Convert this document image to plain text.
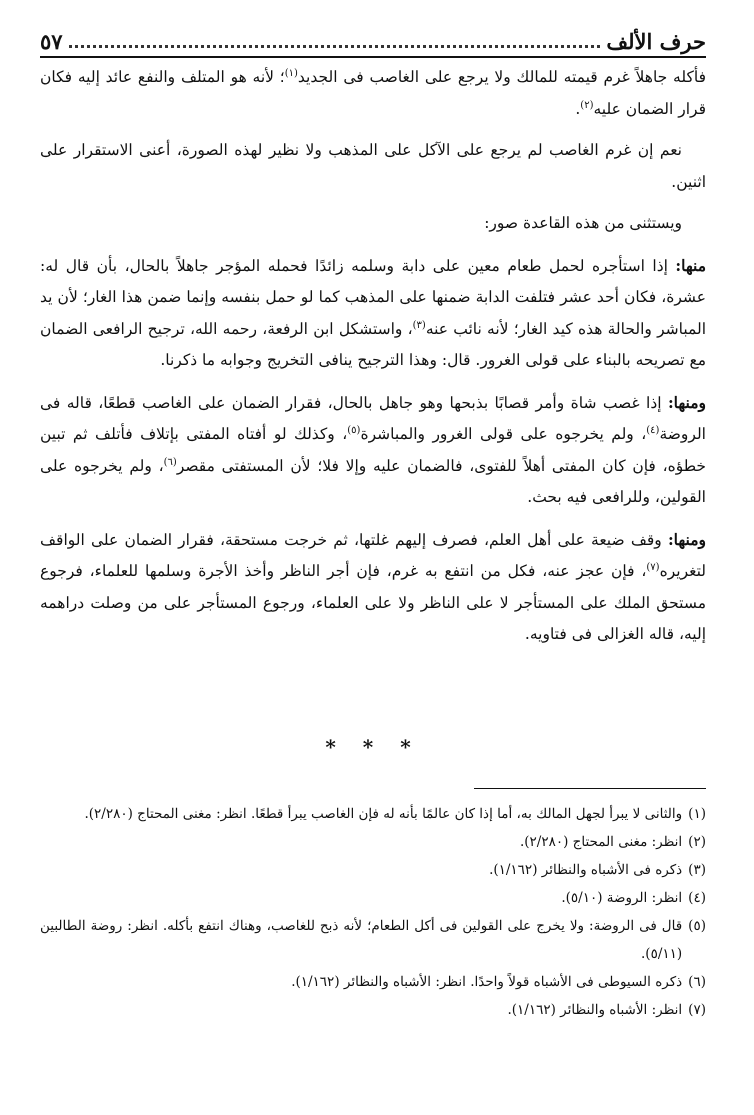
حرف الألف
٥٧

فأكله جاهلاً غرم قيمته للمالك ولا يرجع على الغاصب فى الجديد$^{(١)}$؛ لأنه هو المتلف والنفع عائد إليه فكان قرار الضمان عليه$^{(٢)}$.

نعم إن غرم الغاصب لم يرجع على الآكل على المذهب ولا نظير لهذه الصورة، أعنى الاستقرار على اثنين.

ويستثنى من هذه القاعدة صور:

منها: إذا استأجره لحمل طعام معين على دابة وسلمه زائدًا فحمله المؤجر جاهلاً بالحال، بأن قال له: عشرة، فكان أحد عشر فتلفت الدابة ضمنها على المذهب كما لو حمل بنفسه وإنما ضمن هذا الغار؛ لأن يد المباشر والحالة هذه كيد الغار؛ لأنه نائب عنه$^{(٣)}$، واستشكل ابن الرفعة، رحمه الله، ترجيح الرافعى الضمان مع تصريحه بالبناء على قولى الغرور. قال: وهذا الترجيح ينافى التخريج وجوابه ما ذكرنا.

ومنها: إذا غصب شاة وأمر قصابًا بذبحها وهو جاهل بالحال، فقرار الضمان على الغاصب قطعًا، قاله فى الروضة$^{(٤)}$، ولم يخرجوه على قولى الغرور والمباشرة$^{(٥)}$، وكذلك لو أفتاه المفتى بإتلاف فأتلف ثم تبين خطؤه، فإن كان المفتى أهلاً للفتوى، فالضمان عليه وإلا فلا؛ لأن المستفتى مقصر$^{(٦)}$، ولم يخرجوه على القولين، وللرافعى فيه بحث.

ومنها: وقف ضيعة على أهل العلم، فصرف إليهم غلتها، ثم خرجت مستحقة، فقرار الضمان على الواقف لتغريره$^{(٧)}$، فإن عجز عنه، فكل من انتفع به غرم، فإن أجر الناظر وأخذ الأجرة وسلمها للعلماء، فرجوع مستحق الملك على المستأجر لا على الناظر ولا على العلماء، ورجوع المستأجر على من وصلت دراهمه إليه، قاله الغزالى فى فتاويه.

* * *
(١)
والثانى لا يبرأ لجهل المالك به، أما إذا كان عالمًا بأنه له فإن الغاصب يبرأ قطعًا. انظر: مغنى المحتاج (٢/٢٨٠).
(٢)
انظر: مغنى المحتاج (٢/٢٨٠).
(٣)
ذكره فى الأشباه والنظائر (١/١٦٢).
(٤)
انظر: الروضة (٥/١٠).
(٥)
قال فى الروضة: ولا يخرج على القولين فى أكل الطعام؛ لأنه ذبح للغاصب، وهناك انتفع بأكله. انظر: روضة الطالبين (٥/١١).
(٦)
ذكره السيوطى فى الأشباه قولاً واحدًا. انظر: الأشباه والنظائر (١/١٦٢).
(٧)
انظر: الأشباه والنظائر (١/١٦٢).
